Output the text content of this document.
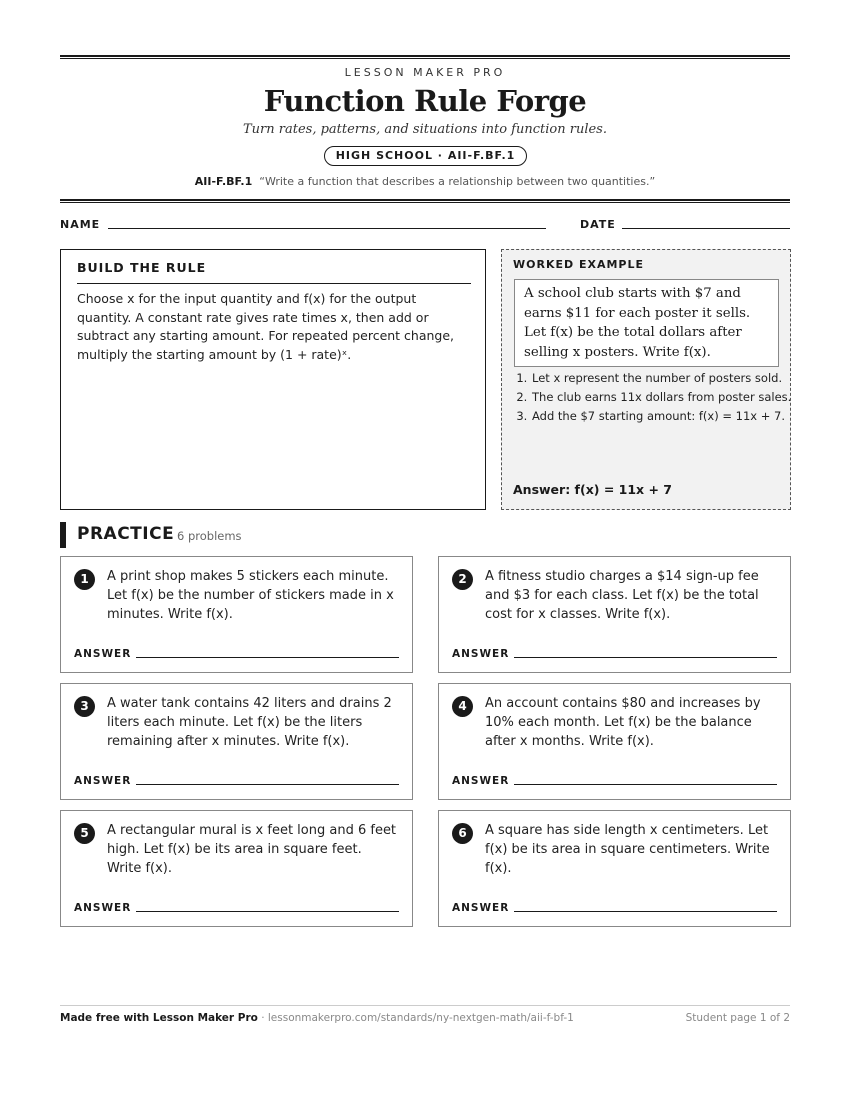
LESSON MAKER PRO
Function Rule Forge
Turn rates, patterns, and situations into function rules.
HIGH SCHOOL · AII-F.BF.1
AII-F.BF.1 “Write a function that describes a relationship between two quantities.”
NAME	DATE
BUILD THE RULE
Choose x for the input quantity and f(x) for the output quantity. A constant rate gives rate times x, then add or subtract any starting amount. For repeated percent change, multiply the starting amount by (1 + rate)ˣ.
WORKED EXAMPLE
A school club starts with $7 and earns $11 for each poster it sells. Let f(x) be the total dollars after selling x posters. Write f(x).
1. Let x represent the number of posters sold.
2. The club earns 11x dollars from poster sales.
3. Add the $7 starting amount: f(x) = 11x + 7.
Answer: f(x) = 11x + 7
PRACTICE 6 problems
1	A print shop makes 5 stickers each minute. Let f(x) be the number of stickers made in x minutes. Write f(x).
ANSWER
2	A fitness studio charges a $14 sign-up fee and $3 for each class. Let f(x) be the total cost for x classes. Write f(x).
ANSWER
3	A water tank contains 42 liters and drains 2 liters each minute. Let f(x) be the liters remaining after x minutes. Write f(x).
ANSWER
4	An account contains $80 and increases by 10% each month. Let f(x) be the balance after x months. Write f(x).
ANSWER
5	A rectangular mural is x feet long and 6 feet high. Let f(x) be its area in square feet. Write f(x).
ANSWER
6	A square has side length x centimeters. Let f(x) be its area in square centimeters. Write f(x).
ANSWER
Made free with Lesson Maker Pro · lessonmakerpro.com/standards/ny-nextgen-math/aii-f-bf-1	Student page 1 of 2
